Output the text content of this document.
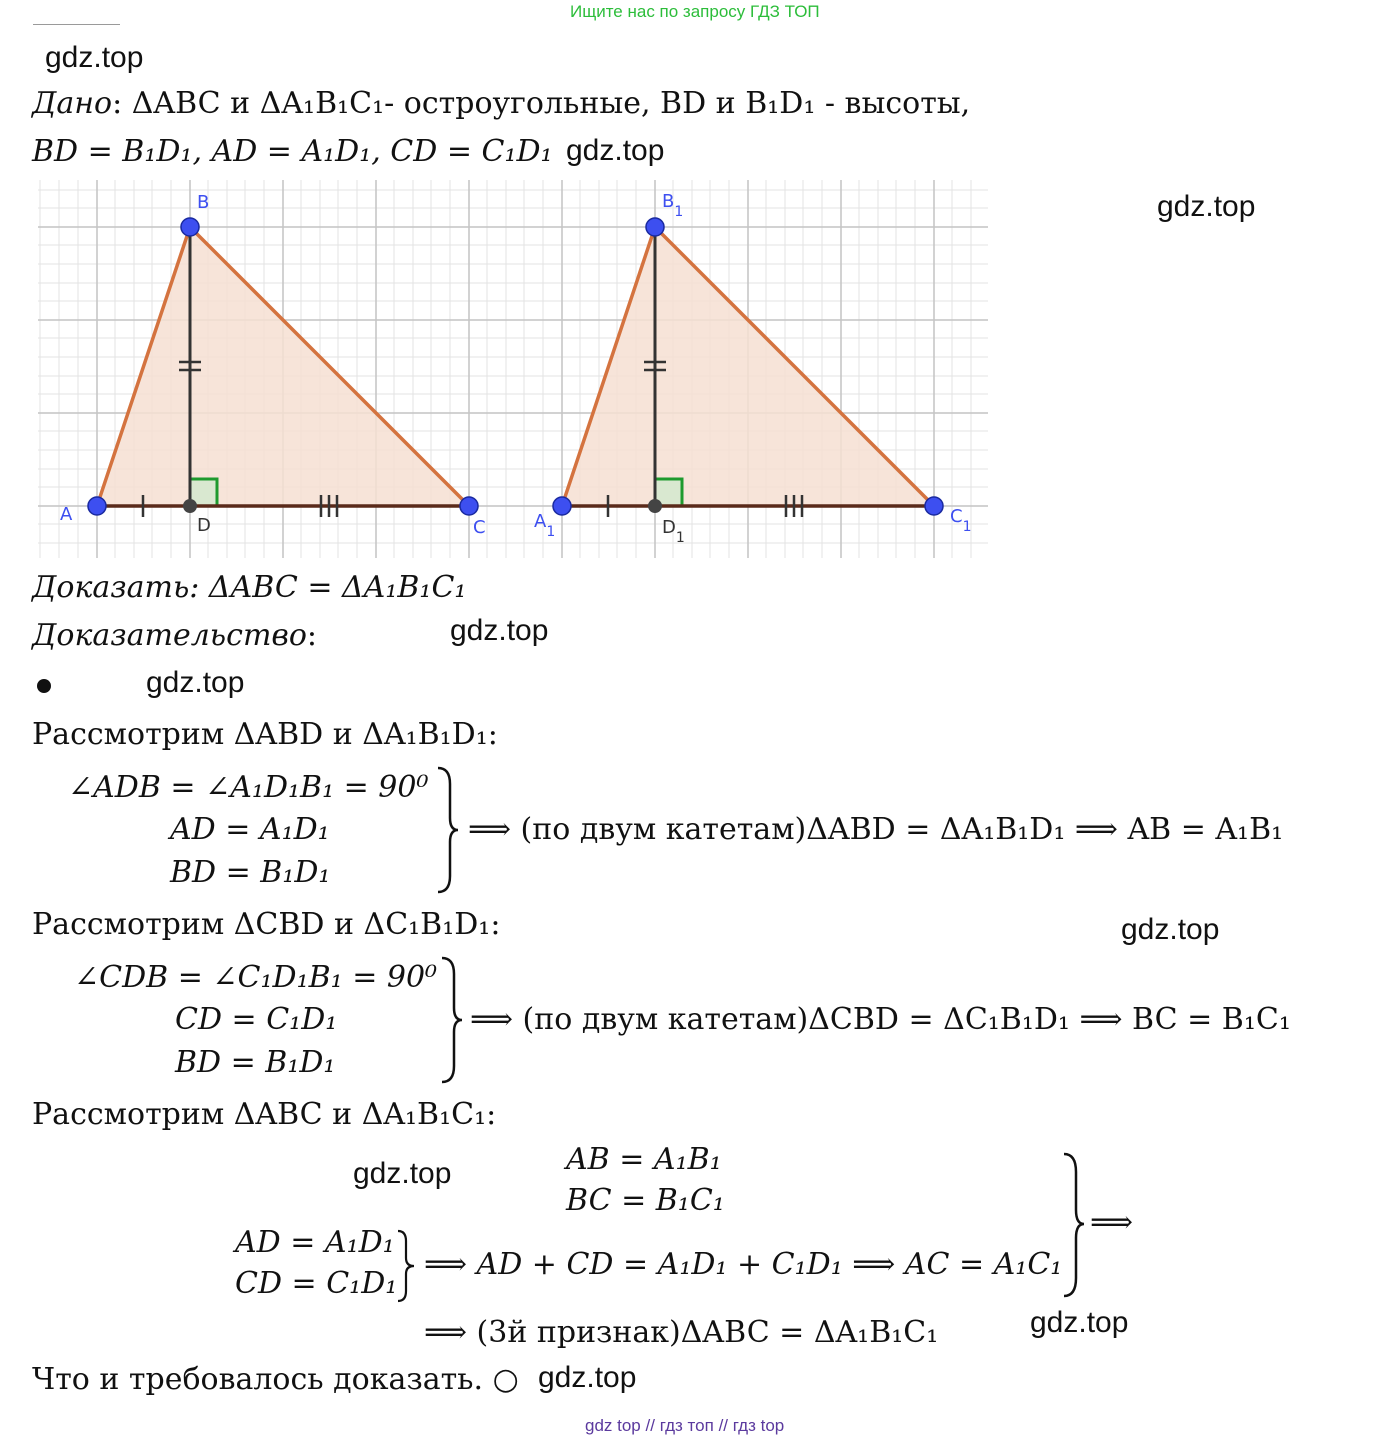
Ищите нас по запросу ГДЗ ТОП
gdz.top
Дано: ΔABC и ΔA₁B₁C₁- остроугольные, BD и B₁D₁ - высоты,
BD = B₁D₁, AD = A₁D₁, CD = C₁D₁ gdz.top
gdz.top
A
B
C
D	$A_1$
$B_1$
$C_1$
$D_1$
Доказать: ΔABC = ΔA₁B₁C₁
Доказательство:	gdz.top
gdz.top
Рассмотрим ΔABD и ΔA₁B₁D₁:
∠ADB = ∠A₁D₁B₁ = 90⁰
AD = A₁D₁
BD = B₁D₁
⟹ (по двум катетам)ΔABD = ΔA₁B₁D₁ ⟹ AB = A₁B₁
Рассмотрим ΔCBD и ΔC₁B₁D₁:	gdz.top
∠CDB = ∠C₁D₁B₁ = 90⁰
CD = C₁D₁
BD = B₁D₁
⟹ (по двум катетам)ΔCBD = ΔC₁B₁D₁ ⟹ BC = B₁C₁
Рассмотрим ΔABC и ΔA₁B₁C₁:
gdz.top	AB = A₁B₁
BC = B₁C₁
AD = A₁D₁
CD = C₁D₁
⟹ AD + CD = A₁D₁ + C₁D₁ ⟹ AC = A₁C₁
⟹
⟹ (3й признак)ΔABC = ΔA₁B₁C₁	gdz.top
Что и требовалось доказать. ○ gdz.top
gdz top // гдз топ // гдз top
